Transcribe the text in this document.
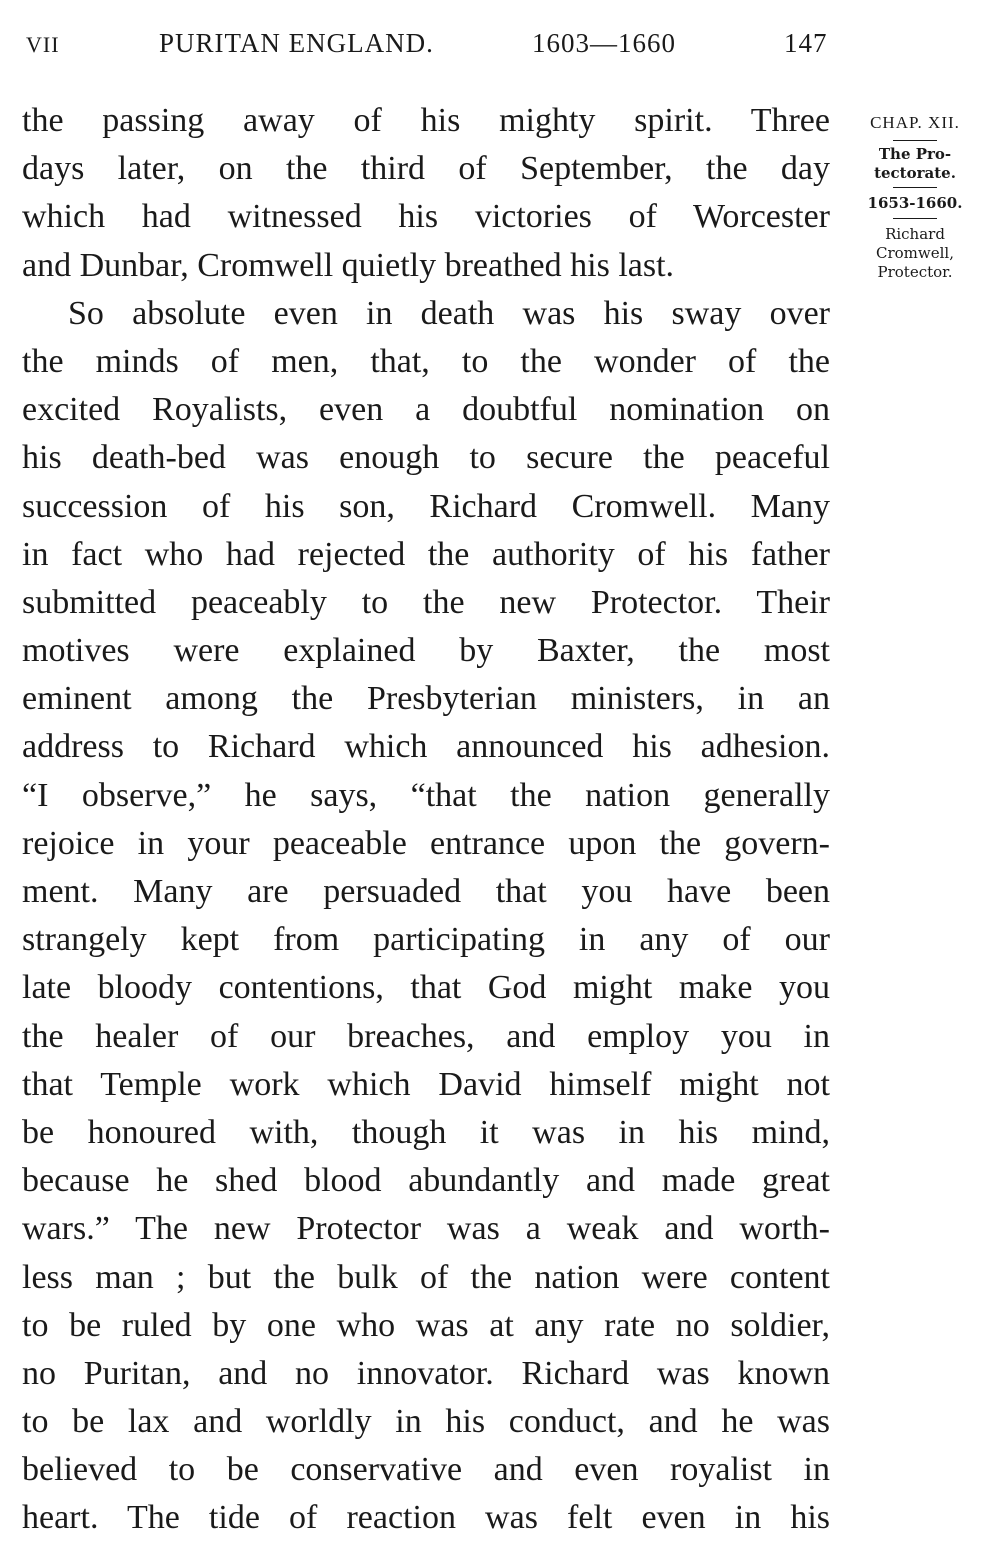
VII	PURITAN ENGLAND.	1603—1660	147
the passing away of his mighty spirit. Three
days later, on the third of September, the day
which had witnessed his victories of Worcester
and Dunbar, Cromwell quietly breathed his last.
So absolute even in death was his sway over
the minds of men, that, to the wonder of the
excited Royalists, even a doubtful nomination on
his death-bed was enough to secure the peaceful
succession of his son, Richard Cromwell. Many
in fact who had rejected the authority of his father
submitted peaceably to the new Protector. Their
motives were explained by Baxter, the most
eminent among the Presbyterian ministers, in an
address to Richard which announced his adhesion.
“I observe,” he says, “that the nation generally
rejoice in your peaceable entrance upon the govern-
ment. Many are persuaded that you have been
strangely kept from participating in any of our
late bloody contentions, that God might make you
the healer of our breaches, and employ you in
that Temple work which David himself might not
be honoured with, though it was in his mind,
because he shed blood abundantly and made great
wars.” The new Protector was a weak and worth-
less man ; but the bulk of the nation were content
to be ruled by one who was at any rate no soldier,
no Puritan, and no innovator. Richard was known
to be lax and worldly in his conduct, and he was
believed to be conservative and even royalist in
heart. The tide of reaction was felt even in his
CHAP. XII.
The Pro-
tectorate.
1653-1660.
Richard
Cromwell,
Protector.
